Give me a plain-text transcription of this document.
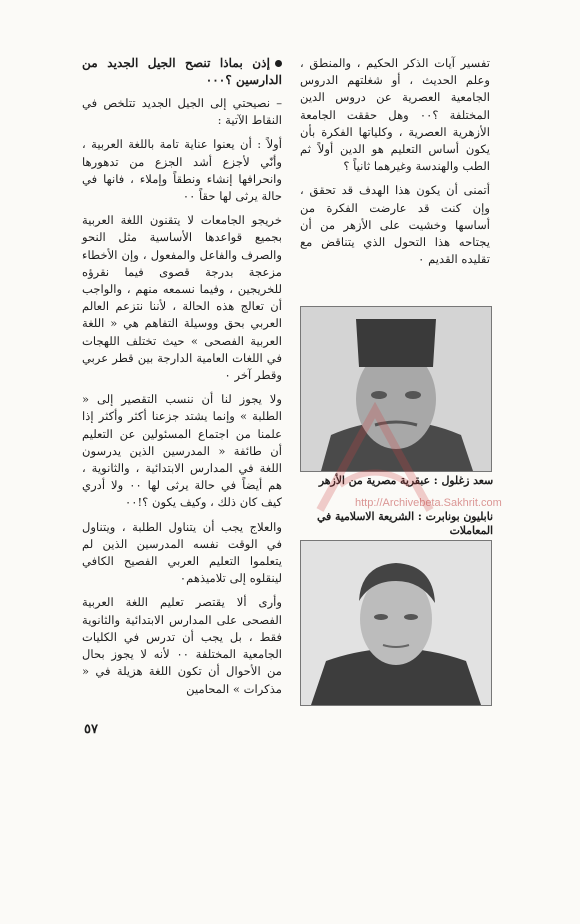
تفسير آيات الذكر الحكيم ، والمنطق ، وعلم الحديث ، أو شغلتهم الدروس الجامعية العصرية عن دروس الدين المختلفة ؟٠٠ وهل حققت الجامعة الأزهرية العصرية ، وكلياتها الفكرة بأن يكون أساس التعليم هو الدين أولاً ثم الطب والهندسة وغيرهما ثانياً ؟

أتمنى أن يكون هذا الهدف قد تحقق ، وإن كنت قد عارضت الفكرة من أساسها وخشيت على الأزهر من أن يجتاحه هذا التحول الذي يتناقض مع تقليده القديم ٠

إذن بماذا تنصح الجيل الجديد من الدارسين ؟٠٠٠

– نصيحتي إلى الجيل الجديد تتلخص في النقاط الآتية :

أولاً : أن يعنوا عناية تامة باللغة العربية ، وأنّي لأجزع أشد الجزع من تدهورها وانحرافها إنشاء ونطقاً وإملاء ، فانها في حالة يرثى لها حقاً ٠٠

خريجو الجامعات لا يتقنون اللغة العربية بجميع قواعدها الأساسية مثل النحو والصرف والفاعل والمفعول ، وإن الأخطاء مزعجة بدرجة قصوى فيما نقرؤه للخريجين ، وفيما نسمعه منهم ، والواجب أن تعالج هذه الحالة ، لأننا نتزعم العالم العربي بحق ووسيلة التفاهم هي « اللغة العربية الفصحى » حيث تختلف اللهجات في اللغات العامية الدارجة بين قطر عربي وقطر آخر ٠

ولا يجوز لنا أن ننسب التقصير إلى « الطلبة » وإنما يشتد جزعنا أكثر وأكثر إذا علمنا من اجتماع المسئولين عن التعليم أن طائفة « المدرسين الذين يدرسون اللغة في المدارس الابتدائية ، والثانوية ، هم أيضاً في حالة يرثى لها ٠٠ ولا أدري كيف كان ذلك ، وكيف يكون ؟!٠٠

والعلاج يجب أن يتناول الطلبة ، ويتناول في الوقت نفسه المدرسين الذين لم يتعلموا التعليم العربي الفصيح الكافي لينقلوه إلى تلاميذهم٠

وأرى ألا يقتصر تعليم اللغة العربية الفصحى على المدارس الابتدائية والثانوية فقط ، بل يجب أن تدرس في الكليات الجامعية المختلفة ٠٠ لأنه لا يجوز بحال من الأحوال أن تكون اللغة هزيلة في « مذكرات » المحامين

سعد زغلول : عبقرية مصرية من الأزهر
نابليون بونابرت : الشريعة الاسلامية في المعاملات
http://Archivebeta.Sakhrit.com
٥٧
